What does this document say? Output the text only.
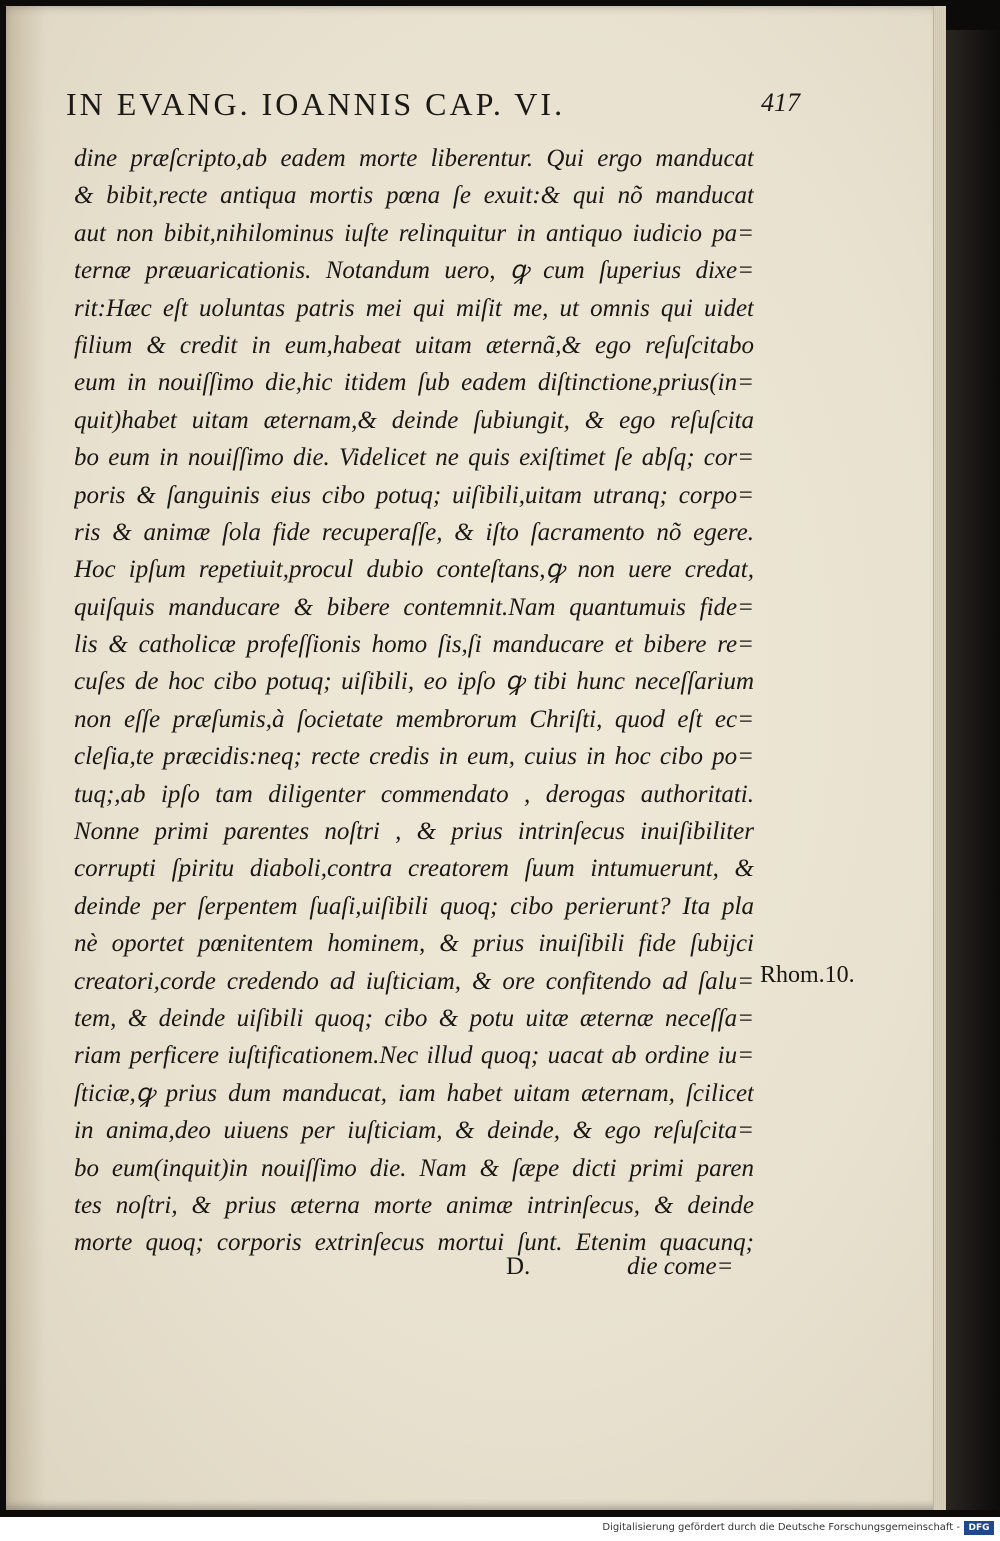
IN EVANG. IOANNIS CAP. VI.	417
dine præſcripto,ab eadem morte liberentur. Qui ergo manducat
& bibit,recte antiqua mortis pœna ſe exuit:& qui nõ manducat
aut non bibit,nihilominus iuſte relinquitur in antiquo iudicio pa=
ternæ præuaricationis. Notandum uero, ꝙ cum ſuperius dixe=
rit:Hæc eſt uoluntas patris mei qui miſit me, ut omnis qui uidet
filium & credit in eum,habeat uitam æternã,& ego reſuſcitabo
eum in nouiſſimo die,hic itidem ſub eadem diſtinctione,prius(in=
quit)habet uitam æternam,& deinde ſubiungit, & ego reſuſcita
bo eum in nouiſſimo die. Videlicet ne quis exiſtimet ſe abſq; cor=
poris & ſanguinis eius cibo potuq; uiſibili,uitam utranq; corpo=
ris & animæ ſola fide recuperaſſe, & iſto ſacramento nõ egere.
Hoc ipſum repetiuit,procul dubio conteſtans,ꝙ non uere credat,
quiſquis manducare & bibere contemnit.Nam quantumuis fide=
lis & catholicæ profeſſionis homo ſis,ſi manducare et bibere re=
cuſes de hoc cibo potuq; uiſibili, eo ipſo ꝙ tibi hunc neceſſarium
non eſſe præſumis,à ſocietate membrorum Chriſti, quod eſt ec=
cleſia,te præcidis:neq; recte credis in eum, cuius in hoc cibo po=
tuq;,ab ipſo tam diligenter commendato , derogas authoritati.
Nonne primi parentes noſtri , & prius intrinſecus inuiſibiliter
corrupti ſpiritu diaboli,contra creatorem ſuum intumuerunt, &
deinde per ſerpentem ſuaſi,uiſibili quoq; cibo perierunt? Ita pla
nè oportet pœnitentem hominem, & prius inuiſibili fide ſubijci
creatori,corde credendo ad iuſticiam, & ore confitendo ad ſalu=
tem, & deinde uiſibili quoq; cibo & potu uitæ æternæ neceſſa=
riam perficere iuſtificationem.Nec illud quoq; uacat ab ordine iu=
ſticiæ,ꝙ prius dum manducat, iam habet uitam æternam, ſcilicet
in anima,deo uiuens per iuſticiam, & deinde, & ego reſuſcita=
bo eum(inquit)in nouiſſimo die. Nam & ſæpe dicti primi paren
tes noſtri, & prius æterna morte animæ intrinſecus, & deinde
morte quoq; corporis extrinſecus mortui ſunt. Etenim quacunq;
Rhom.10.
D.	die come=
Digitalisierung gefördert durch die Deutsche Forschungsgemeinschaft - DFG
